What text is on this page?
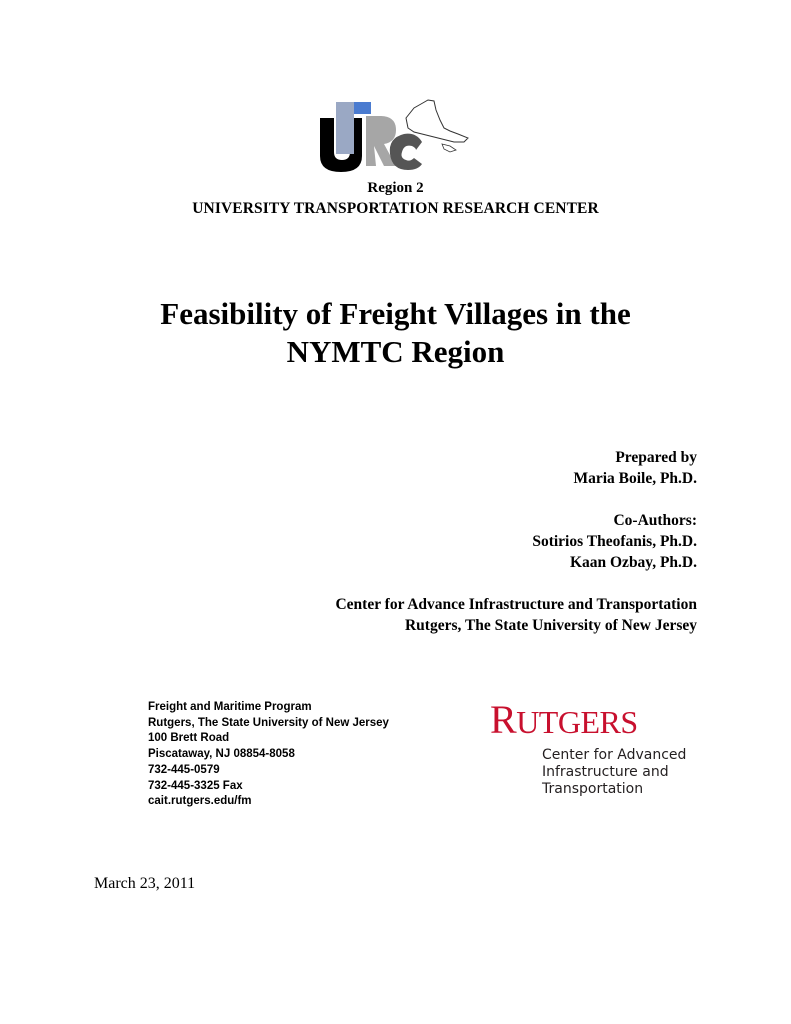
Region 2
UNIVERSITY TRANSPORTATION RESEARCH CENTER
Feasibility of Freight Villages in the
NYMTC Region
Prepared by
Maria Boile, Ph.D.
Co-Authors:
Sotirios Theofanis, Ph.D.
Kaan Ozbay, Ph.D.
Center for Advance Infrastructure and Transportation
Rutgers, The State University of New Jersey
Freight and Maritime Program
Rutgers, The State University of New Jersey
100 Brett Road
Piscataway, NJ 08854-8058
732-445-0579
732-445-3325 Fax
cait.rutgers.edu/fm
RUTGERS
Center for Advanced
Infrastructure and
Transportation
March 23, 2011
